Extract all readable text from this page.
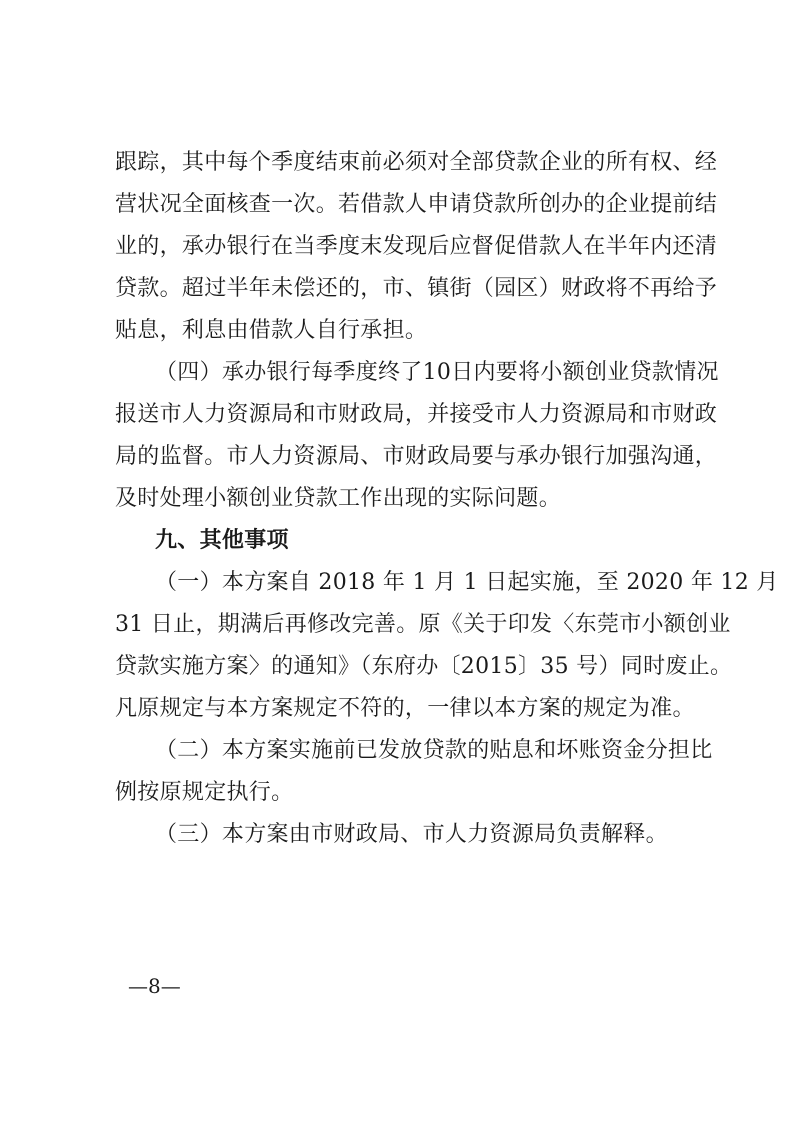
跟踪，其中每个季度结束前必须对全部贷款企业的所有权、经
营状况全面核查一次。若借款人申请贷款所创办的企业提前结
业的，承办银行在当季度末发现后应督促借款人在半年内还清
贷款。超过半年未偿还的，市、镇街（园区）财政将不再给予
贴息，利息由借款人自行承担。
（四）承办银行每季度终了10日内要将小额创业贷款情况
报送市人力资源局和市财政局，并接受市人力资源局和市财政
局的监督。市人力资源局、市财政局要与承办银行加强沟通，
及时处理小额创业贷款工作出现的实际问题。
九、其他事项
（一）本方案自 2018 年 1 月 1 日起实施，至 2020 年 12 月
31 日止，期满后再修改完善。原《关于印发〈东莞市小额创业
贷款实施方案〉的通知》（东府办〔2015〕35 号）同时废止。
凡原规定与本方案规定不符的，一律以本方案的规定为准。
（二）本方案实施前已发放贷款的贴息和坏账资金分担比
例按原规定执行。
（三）本方案由市财政局、市人力资源局负责解释。
—8—
